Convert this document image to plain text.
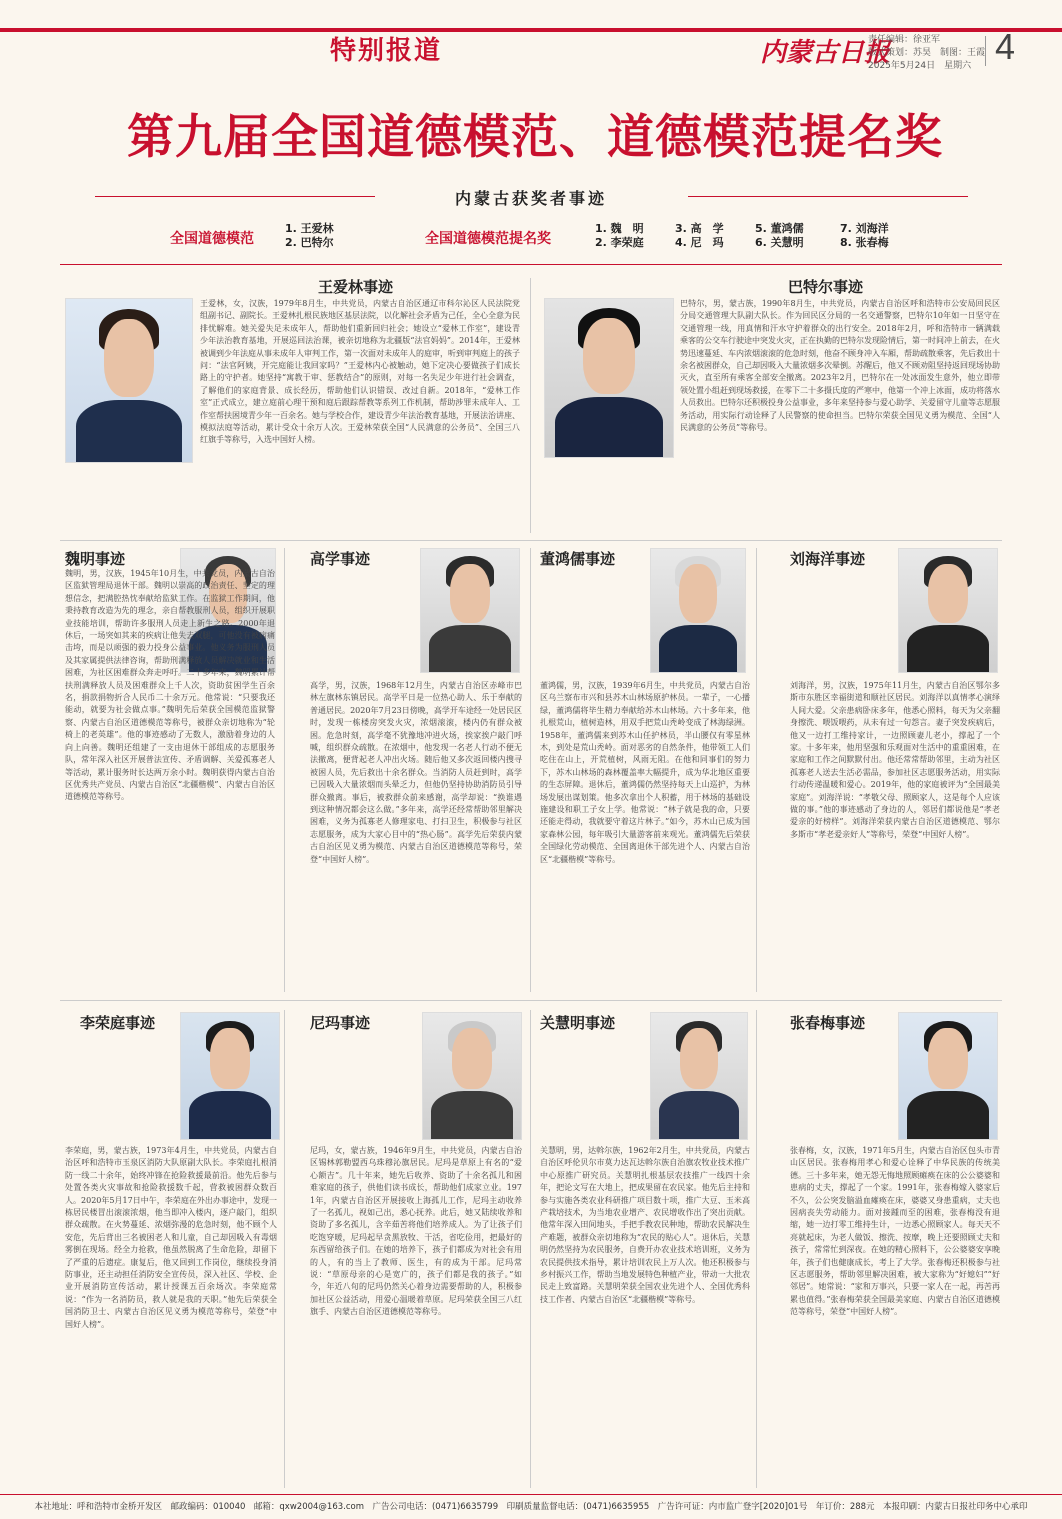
特别报道	内蒙古日报
责任编辑：徐亚军
版式策划：苏昊　制图：王霞
2025年5月24日　星期六 4
第九届全国道德模范、道德模范提名奖
内蒙古获奖者事迹
全国道德模范
1. 王爱林
2. 巴特尔	全国道德模范提名奖
1. 魏　明
2. 李荣庭
3. 高　学
4. 尼　玛
5. 董鸿儒
6. 关慧明
7. 刘海洋
8. 张春梅
王爱林事迹
王爱林，女，汉族，1979年8月生，中共党员，内蒙古自治区通辽市科尔沁区人民法院党组副书记、副院长。王爱林扎根民族地区基层法院，以化解社会矛盾为己任，全心全意为民排忧解难。她关爱失足未成年人，帮助他们重新回归社会；她设立“爱林工作室”，建设青少年法治教育基地，开展巡回法治课，被亲切地称为北疆版“法官妈妈”。2014年，王爱林被调到少年法庭从事未成年人审判工作，第一次面对未成年人的庭审，听到审判庭上的孩子问：“法官阿姨，开完庭能让我回家吗？”王爱林内心被触动，她下定决心要做孩子们成长路上的守护者。她坚持“寓教于审、惩教结合”的原则，对每一名失足少年进行社会调查，了解他们的家庭背景、成长经历，帮助他们认识错误、改过自新。2018年，“爱林工作室”正式成立，建立庭前心理干预和庭后跟踪帮教等系列工作机制，帮助涉罪未成年人、工作室帮扶困境青少年一百余名。她与学校合作，建设青少年法治教育基地，开展法治讲座、模拟法庭等活动，累计受众十余万人次。王爱林荣获全国“人民满意的公务员”、全国三八红旗手等称号，入选中国好人榜。
巴特尔事迹
巴特尔，男，蒙古族，1990年8月生，中共党员，内蒙古自治区呼和浩特市公安局回民区分局交通管理大队副大队长。作为回民区分局的一名交通警察，巴特尔10年如一日坚守在交通管理一线，用真情和汗水守护着群众的出行安全。2018年2月，呼和浩特市一辆满载乘客的公交车行驶途中突发火灾，正在执勤的巴特尔发现险情后，第一时间冲上前去，在火势迅速蔓延、车内浓烟滚滚的危急时刻，他奋不顾身冲入车厢，帮助疏散乘客，先后救出十余名被困群众，自己却因吸入大量浓烟多次晕倒。苏醒后，他又不顾劝阻坚持返回现场协助灭火，直至所有乘客全部安全撤离。2023年2月，巴特尔在一处冰面发生意外，他立即带领处置小组赶到现场救援，在零下二十多摄氏度的严寒中，他第一个冲上冰面，成功将落水人员救出。巴特尔还积极投身公益事业，多年来坚持参与爱心助学、关爱留守儿童等志愿服务活动，用实际行动诠释了人民警察的使命担当。巴特尔荣获全国见义勇为模范、全国“人民满意的公务员”等称号。
魏明事迹
魏明，男，汉族，1945年10月生，中共党员，内蒙古自治区监狱管理局退休干部。魏明以崇高的政治责任、坚定的理想信念，把满腔热忱奉献给监狱工作。在监狱工作期间，他秉持教育改造为先的理念，亲自帮教服刑人员，组织开展职业技能培训，帮助许多服刑人员走上新生之路。2000年退休后，一场突如其来的疾病让他失去双腿，可他没有被病痛击垮，而是以顽强的毅力投身公益事业。他义务为服刑人员及其家属提供法律咨询，帮助刑满释放人员解决就业和生活困难，为社区困难群众奔走呼吁。二十多年来，魏明累计帮扶刑满释放人员及困难群众上千人次，资助贫困学生百余名，捐款捐物折合人民币二十余万元。他常说：“只要我还能动，就要为社会做点事。”魏明先后荣获全国模范监狱警察、内蒙古自治区道德模范等称号，被群众亲切地称为“轮椅上的老英雄”。他的事迹感动了无数人，激励着身边的人向上向善。魏明还组建了一支由退休干部组成的志愿服务队，常年深入社区开展普法宣传、矛盾调解、关爱孤寡老人等活动，累计服务时长达两万余小时。魏明获得内蒙古自治区优秀共产党员、内蒙古自治区“北疆楷模”、内蒙古自治区道德模范等称号。
高学事迹
高学，男，汉族，1968年12月生，内蒙古自治区赤峰市巴林左旗林东镇居民。高学平日是一位热心助人、乐于奉献的普通居民。2020年7月23日傍晚，高学开车途经一处居民区时，发现一栋楼房突发火灾，浓烟滚滚，楼内仍有群众被困。危急时刻，高学毫不犹豫地冲进火场，挨家挨户敲门呼喊，组织群众疏散。在浓烟中，他发现一名老人行动不便无法撤离，便背起老人冲出火场。随后他又多次返回楼内搜寻被困人员，先后救出十余名群众。当消防人员赶到时，高学已因吸入大量浓烟而头晕乏力，但他仍坚持协助消防员引导群众撤离。事后，被救群众前来感谢，高学却说：“换谁遇到这种情况都会这么做。”多年来，高学还经常帮助邻里解决困难，义务为孤寡老人修理家电、打扫卫生，积极参与社区志愿服务，成为大家心目中的“热心肠”。高学先后荣获内蒙古自治区见义勇为模范、内蒙古自治区道德模范等称号，荣登“中国好人榜”。
董鸿儒事迹
董鸿儒，男，汉族，1939年6月生，中共党员，内蒙古自治区乌兰察布市兴和县苏木山林场原护林员。一辈子，一心播绿，董鸿儒将毕生精力奉献给苏木山林场。六十多年来，他扎根荒山，植树造林，用双手把荒山秃岭变成了林海绿洲。1958年，董鸿儒来到苏木山任护林员，半山腰仅有零星林木，到处是荒山秃岭。面对恶劣的自然条件，他带领工人们吃住在山上，开荒植树，风雨无阻。在他和同事们的努力下，苏木山林场的森林覆盖率大幅提升，成为华北地区重要的生态屏障。退休后，董鸿儒仍然坚持每天上山巡护，为林场发展出谋划策。他多次拿出个人积蓄，用于林场的基础设施建设和职工子女上学。他常说：“林子就是我的命，只要还能走得动，我就要守着这片林子。”如今，苏木山已成为国家森林公园，每年吸引大量游客前来观光。董鸿儒先后荣获全国绿化劳动模范、全国离退休干部先进个人、内蒙古自治区“北疆楷模”等称号。
刘海洋事迹
刘海洋，男，汉族，1975年11月生，内蒙古自治区鄂尔多斯市东胜区幸福街道和顺社区居民。刘海洋以真情孝心演绎人间大爱。父亲患病卧床多年，他悉心照料，每天为父亲翻身擦洗、喂饭喂药，从未有过一句怨言。妻子突发疾病后，他又一边打工维持家计，一边照顾妻儿老小，撑起了一个家。十多年来，他用坚强和乐观面对生活中的重重困难，在家庭和工作之间默默付出。他还常常帮助邻里，主动为社区孤寡老人送去生活必需品，参加社区志愿服务活动，用实际行动传递温暖和爱心。2019年，他的家庭被评为“全国最美家庭”。刘海洋说：“孝敬父母、照顾家人，这是每个人应该做的事。”他的事迹感动了身边的人，邻居们都说他是“孝老爱亲的好榜样”。刘海洋荣获内蒙古自治区道德模范、鄂尔多斯市“孝老爱亲好人”等称号，荣登“中国好人榜”。
李荣庭事迹
李荣庭，男，蒙古族，1973年4月生，中共党员，内蒙古自治区呼和浩特市玉泉区消防大队原副大队长。李荣庭扎根消防一线二十余年，始终冲锋在抢险救援最前沿。他先后参与处置各类火灾事故和抢险救援数千起，营救被困群众数百人。2020年5月17日中午，李荣庭在外出办事途中，发现一栋居民楼冒出滚滚浓烟，他当即冲入楼内，逐户敲门，组织群众疏散。在火势蔓延、浓烟弥漫的危急时刻，他不顾个人安危，先后背出三名被困老人和儿童，自己却因吸入有毒烟雾倒在现场。经全力抢救，他虽然脱离了生命危险，却留下了严重的后遗症。康复后，他又回到工作岗位，继续投身消防事业，还主动担任消防安全宣传员，深入社区、学校、企业开展消防宣传活动，累计授课五百余场次。李荣庭常说：“作为一名消防员，救人就是我的天职。”他先后荣获全国消防卫士、内蒙古自治区见义勇为模范等称号，荣登“中国好人榜”。
尼玛事迹
尼玛，女，蒙古族，1946年9月生，中共党员，内蒙古自治区锡林郭勒盟西乌珠穆沁旗居民。尼玛是草原上有名的“爱心额吉”。几十年来，她先后收养、资助了十余名孤儿和困难家庭的孩子，供他们读书成长，帮助他们成家立业。1971年，内蒙古自治区开展接收上海孤儿工作，尼玛主动收养了一名孤儿，视如己出，悉心抚养。此后，她又陆续收养和资助了多名孤儿，含辛茹苦将他们培养成人。为了让孩子们吃饱穿暖，尼玛起早贪黑放牧、干活，省吃俭用，把最好的东西留给孩子们。在她的培养下，孩子们都成为对社会有用的人，有的当上了教师、医生，有的成为干部。尼玛常说：“草原母亲的心是宽广的，孩子们都是我的孩子。”如今，年近八旬的尼玛仍然关心着身边需要帮助的人，积极参加社区公益活动，用爱心温暖着草原。尼玛荣获全国三八红旗手、内蒙古自治区道德模范等称号。
关慧明事迹
关慧明，男，达斡尔族，1962年2月生，中共党员，内蒙古自治区呼伦贝尔市莫力达瓦达斡尔族自治旗农牧业技术推广中心原推广研究员。关慧明扎根基层农技推广一线四十余年，把论文写在大地上，把成果留在农民家。他先后主持和参与实施各类农业科研推广项目数十项，推广大豆、玉米高产栽培技术，为当地农业增产、农民增收作出了突出贡献。他常年深入田间地头，手把手教农民种地，帮助农民解决生产难题，被群众亲切地称为“农民的贴心人”。退休后，关慧明仍然坚持为农民服务，自费开办农业技术培训班，义务为农民提供技术指导，累计培训农民上万人次。他还积极参与乡村振兴工作，帮助当地发展特色种植产业，带动一大批农民走上致富路。关慧明荣获全国农业先进个人、全国优秀科技工作者、内蒙古自治区“北疆楷模”等称号。
张春梅事迹
张春梅，女，汉族，1971年5月生，内蒙古自治区包头市青山区居民。张春梅用孝心和爱心诠释了中华民族的传统美德。三十多年来，她无怨无悔地照顾瘫痪在床的公公婆婆和患病的丈夫，撑起了一个家。1991年，张春梅嫁入婆家后不久，公公突发脑溢血瘫痪在床，婆婆又身患重病，丈夫也因病丧失劳动能力。面对接踵而至的困难，张春梅没有退缩，她一边打零工维持生计，一边悉心照顾家人。每天天不亮就起床，为老人做饭、擦洗、按摩，晚上还要照顾丈夫和孩子，常常忙到深夜。在她的精心照料下，公公婆婆安享晚年，孩子们也健康成长，考上了大学。张春梅还积极参与社区志愿服务，帮助邻里解决困难，被大家称为“好媳妇”“好邻居”。她常说：“家和万事兴，只要一家人在一起，再苦再累也值得。”张春梅荣获全国最美家庭、内蒙古自治区道德模范等称号，荣登“中国好人榜”。
本社地址：呼和浩特市金桥开发区　邮政编码：010040　邮箱：qxw2004@163.com　广告公司电话：(0471)6635799　印刷质量监督电话：(0471)6635955　广告许可证：内市监广登字[2020]01号　年订价：288元　本报印刷：内蒙古日报社印务中心承印
